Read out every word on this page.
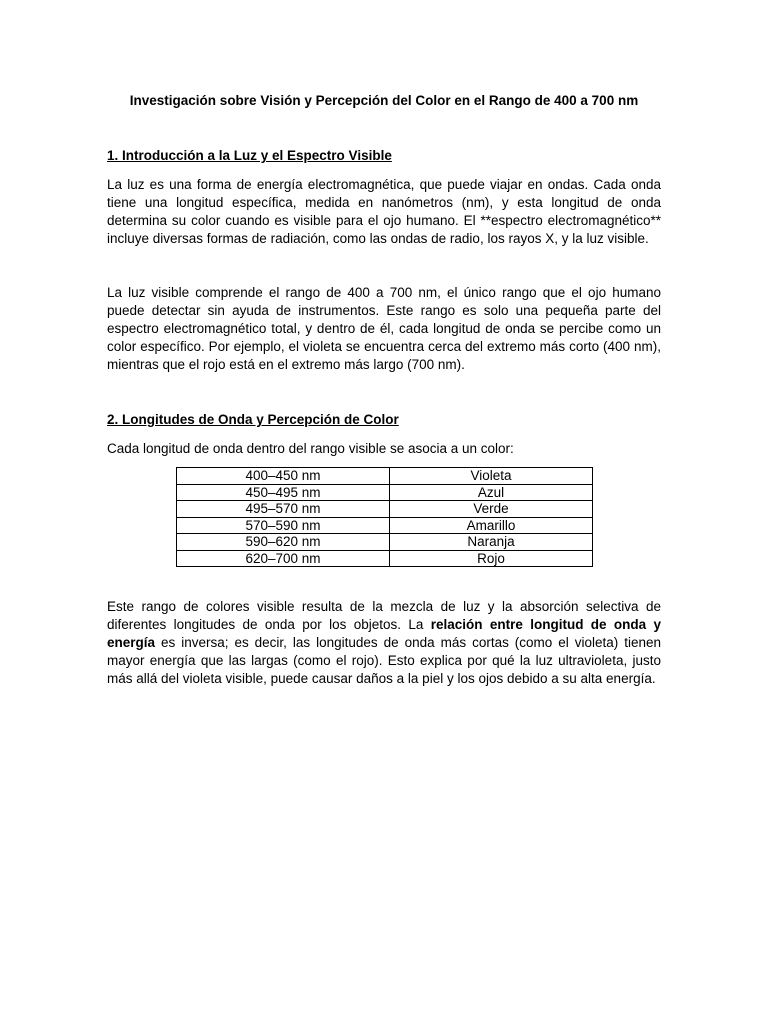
Investigación sobre Visión y Percepción del Color en el Rango de 400 a 700 nm
1. Introducción a la Luz y el Espectro Visible

La luz es una forma de energía electromagnética, que puede viajar en ondas. Cada onda tiene una longitud específica, medida en nanómetros (nm), y esta longitud de onda determina su color cuando es visible para el ojo humano. El **espectro electromagnético** incluye diversas formas de radiación, como las ondas de radio, los rayos X, y la luz visible.

La luz visible comprende el rango de 400 a 700 nm, el único rango que el ojo humano puede detectar sin ayuda de instrumentos. Este rango es solo una pequeña parte del espectro electromagnético total, y dentro de él, cada longitud de onda se percibe como un color específico. Por ejemplo, el violeta se encuentra cerca del extremo más corto (400 nm), mientras que el rojo está en el extremo más largo (700 nm).

2. Longitudes de Onda y Percepción de Color

Cada longitud de onda dentro del rango visible se asocia a un color:

400–450 nm	Violeta
450–495 nm	Azul
495–570 nm	Verde
570–590 nm	Amarillo
590–620 nm	Naranja
620–700 nm	Rojo

Este rango de colores visible resulta de la mezcla de luz y la absorción selectiva de diferentes longitudes de onda por los objetos. La relación entre longitud de onda y energía es inversa; es decir, las longitudes de onda más cortas (como el violeta) tienen mayor energía que las largas (como el rojo). Esto explica por qué la luz ultravioleta, justo más allá del violeta visible, puede causar daños a la piel y los ojos debido a su alta energía.
